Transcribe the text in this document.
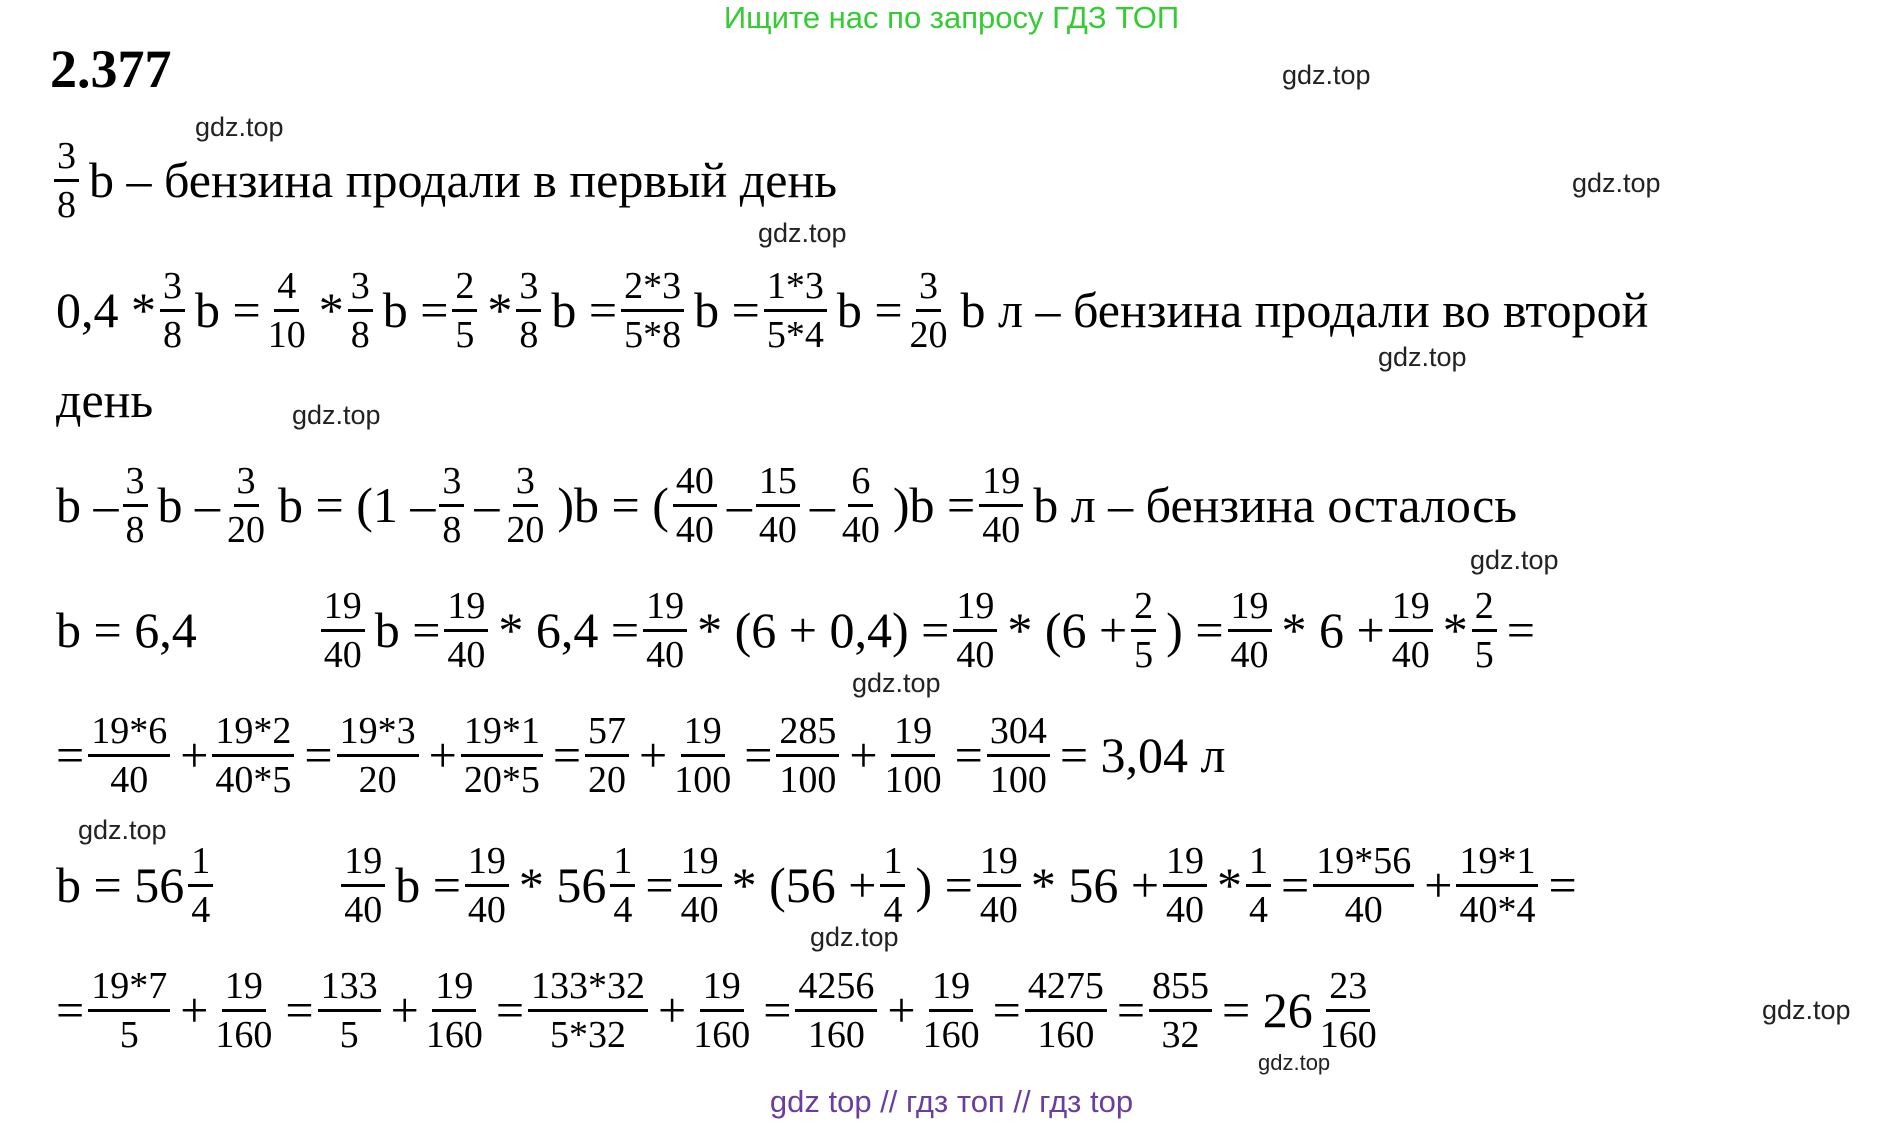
Ищите нас по запросу ГДЗ ТОП
2.377
$\frac{3}{8}$ b – бензина продали в первый день
$0,4 * \frac{3}{8}$ $b = \frac{4}{10} * \frac{3}{8}$ $b = \frac{2}{5} * \frac{3}{8}$ $b = \frac{2*3}{5*8}$ $b = \frac{1*3}{5*4}$ $b = \frac{3}{20}$ b л – бензина продали во второй
день
b – $\frac{3}{8}$ b – $\frac{3}{20}$ $b = (1 - \frac{3}{8} - \frac{3}{20} )b$ = ( $\frac{40}{40} - \frac{15}{40} - \frac{6}{40} )b = \frac{19}{40}$ b л – бензина осталось
b = 6,4	$\frac{19}{40}$ $b = \frac{19}{40} * 6,4 = \frac{19}{40} * (6 + 0,4) = \frac{19}{40} * (6 + \frac{2}{5}$ ) = $\frac{19}{40} * 6 + \frac{19}{40} * \frac{2}{5}$ =
= $\frac{19*6}{40} + \frac{19*2}{40*5} = \frac{19*3}{20} + \frac{19*1}{20*5} = \frac{57}{20} + \frac{19}{100} = \frac{285}{100} + \frac{19}{100} = \frac{304}{100} = 3,04$ л
$b = 56 \frac{1}{4}$	$\frac{19}{40}$ $b = \frac{19}{40} * 56 \frac{1}{4} = \frac{19}{40} * (56 + \frac{1}{4}$ ) = $\frac{19}{40} * 56 + \frac{19}{40} * \frac{1}{4} = \frac{19*56}{40} + \frac{19*1}{40*4}$ =
= $\frac{19*7}{5} + \frac{19}{160} = \frac{133}{5} + \frac{19}{160} = \frac{133*32}{5*32} + \frac{19}{160} = \frac{4256}{160} + \frac{19}{160} = \frac{4275}{160} = \frac{855}{32} = 26 \frac{23}{160}$
gdz.top
gdz.top
gdz.top
gdz.top
gdz.top
gdz.top
gdz.top
gdz.top
gdz.top
gdz.top
gdz.top
gdz.top
gdz top // гдз топ // гдз top
